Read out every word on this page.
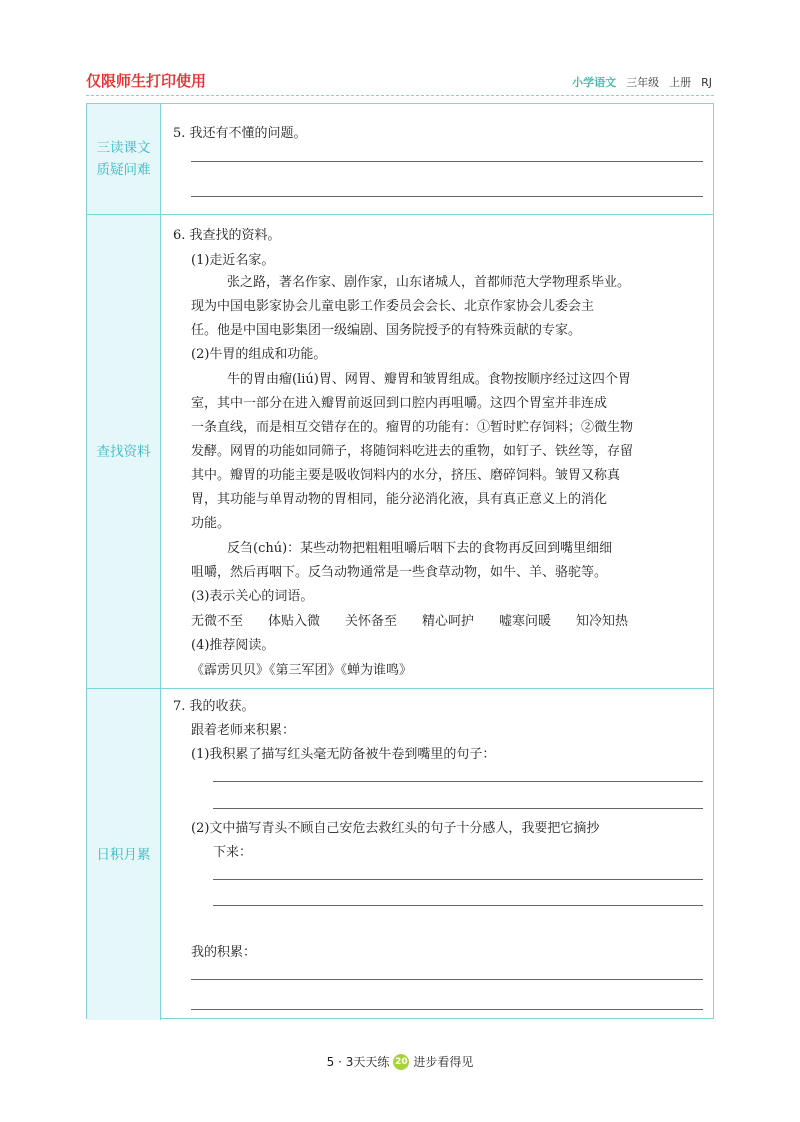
仅限师生打印使用	小学语文 三年级 上册 RJ
三读课文
质疑问难
5. 我还有不懂的问题。
查找资料
6. 我查找的资料。
(1)走近名家。
张之路，著名作家、剧作家，山东诸城人，首都师范大学物理系毕业。
现为中国电影家协会儿童电影工作委员会会长、北京作家协会儿委会主
任。他是中国电影集团一级编剧、国务院授予的有特殊贡献的专家。
(2)牛胃的组成和功能。
牛的胃由瘤(liú)胃、网胃、瓣胃和皱胃组成。食物按顺序经过这四个胃
室，其中一部分在进入瓣胃前返回到口腔内再咀嚼。这四个胃室并非连成
一条直线，而是相互交错存在的。瘤胃的功能有：①暂时贮存饲料；②微生物
发酵。网胃的功能如同筛子，将随饲料吃进去的重物，如钉子、铁丝等，存留
其中。瓣胃的功能主要是吸收饲料内的水分，挤压、磨碎饲料。皱胃又称真
胃，其功能与单胃动物的胃相同，能分泌消化液，具有真正意义上的消化
功能。
反刍(chú)：某些动物把粗粗咀嚼后咽下去的食物再反回到嘴里细细
咀嚼，然后再咽下。反刍动物通常是一些食草动物，如牛、羊、骆驼等。
(3)表示关心的词语。
无微不至 体贴入微 关怀备至 精心呵护 嘘寒问暖 知冷知热
(4)推荐阅读。
《霹雳贝贝》《第三军团》《蝉为谁鸣》
日积月累
7. 我的收获。
跟着老师来积累：
(1)我积累了描写红头毫无防备被牛卷到嘴里的句子：
(2)文中描写青头不顾自己安危去救红头的句子十分感人，我要把它摘抄
下来：
我的积累：
5 · 3天天练 20 进步看得见
